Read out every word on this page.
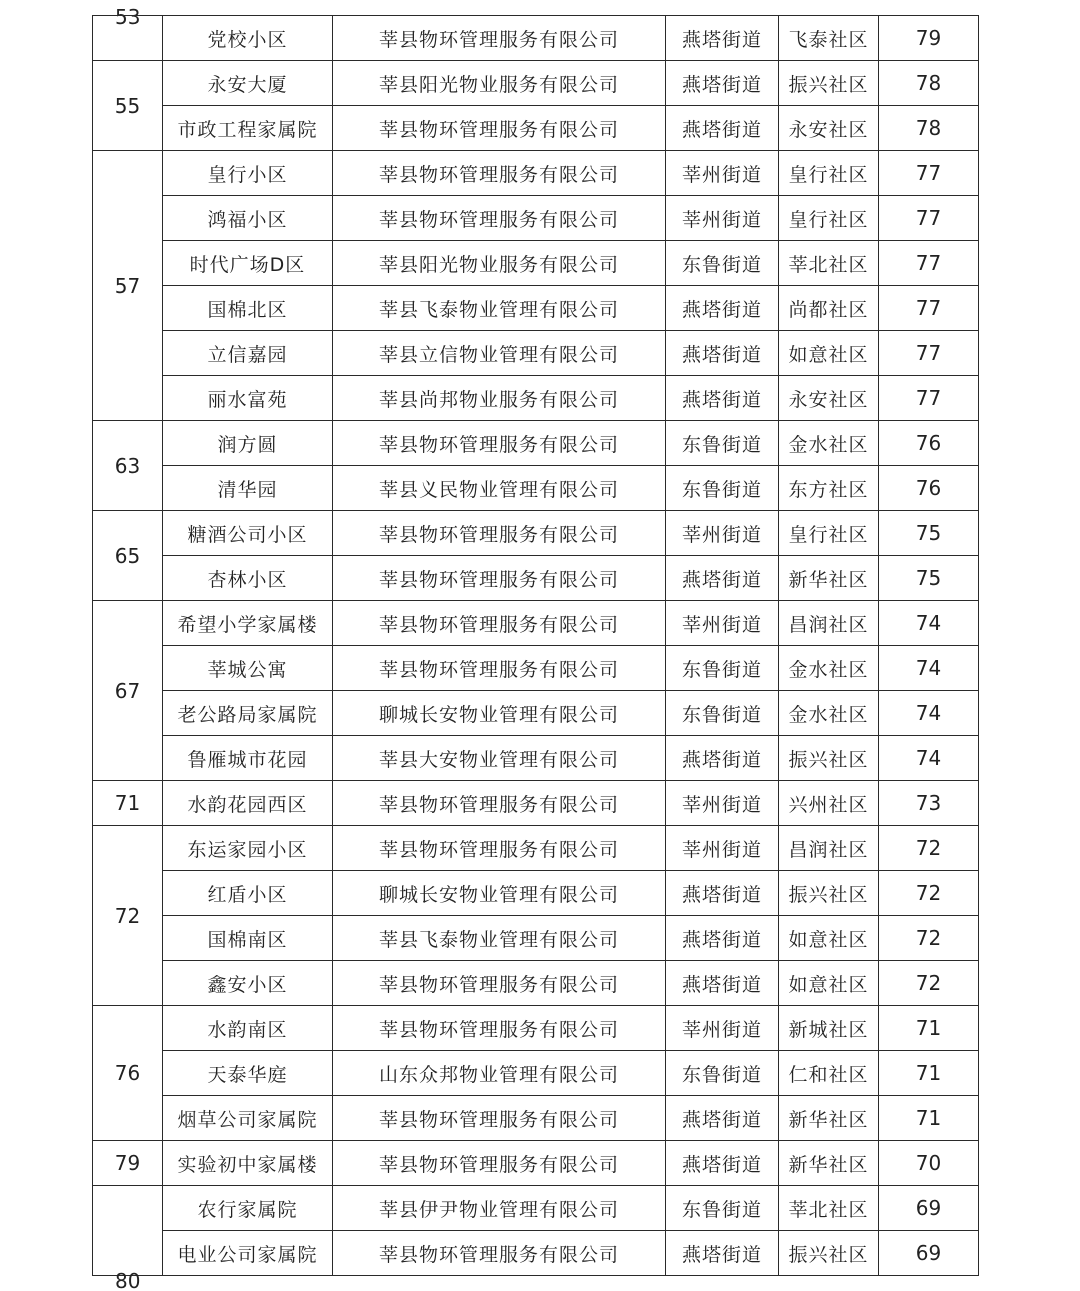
53
	党校小区	莘县物环管理服务有限公司	燕塔街道	飞泰社区	79
55	永安大厦	莘县阳光物业服务有限公司	燕塔街道	振兴社区	78
	市政工程家属院	莘县物环管理服务有限公司	燕塔街道	永安社区	78
57	皇行小区	莘县物环管理服务有限公司	莘州街道	皇行社区	77
	鸿福小区	莘县物环管理服务有限公司	莘州街道	皇行社区	77
	时代广场D区	莘县阳光物业服务有限公司	东鲁街道	莘北社区	77
	国棉北区	莘县飞泰物业管理有限公司	燕塔街道	尚都社区	77
	立信嘉园	莘县立信物业管理有限公司	燕塔街道	如意社区	77
	丽水富苑	莘县尚邦物业服务有限公司	燕塔街道	永安社区	77
63	润方圆	莘县物环管理服务有限公司	东鲁街道	金水社区	76
	清华园	莘县义民物业管理有限公司	东鲁街道	东方社区	76
65	糖酒公司小区	莘县物环管理服务有限公司	莘州街道	皇行社区	75
	杏林小区	莘县物环管理服务有限公司	燕塔街道	新华社区	75
67	希望小学家属楼	莘县物环管理服务有限公司	莘州街道	昌润社区	74
	莘城公寓	莘县物环管理服务有限公司	东鲁街道	金水社区	74
	老公路局家属院	聊城长安物业管理有限公司	东鲁街道	金水社区	74
	鲁雁城市花园	莘县大安物业管理有限公司	燕塔街道	振兴社区	74
71	水韵花园西区	莘县物环管理服务有限公司	莘州街道	兴州社区	73
72	东运家园小区	莘县物环管理服务有限公司	莘州街道	昌润社区	72
	红盾小区	聊城长安物业管理有限公司	燕塔街道	振兴社区	72
	国棉南区	莘县飞泰物业管理有限公司	燕塔街道	如意社区	72
	鑫安小区	莘县物环管理服务有限公司	燕塔街道	如意社区	72
76	水韵南区	莘县物环管理服务有限公司	莘州街道	新城社区	71
	天泰华庭	山东众邦物业管理有限公司	东鲁街道	仁和社区	71
	烟草公司家属院	莘县物环管理服务有限公司	燕塔街道	新华社区	71
79	实验初中家属楼	莘县物环管理服务有限公司	燕塔街道	新华社区	70
	农行家属院	莘县伊尹物业管理有限公司	东鲁街道	莘北社区	69
	电业公司家属院	莘县物环管理服务有限公司	燕塔街道	振兴社区	69
80
